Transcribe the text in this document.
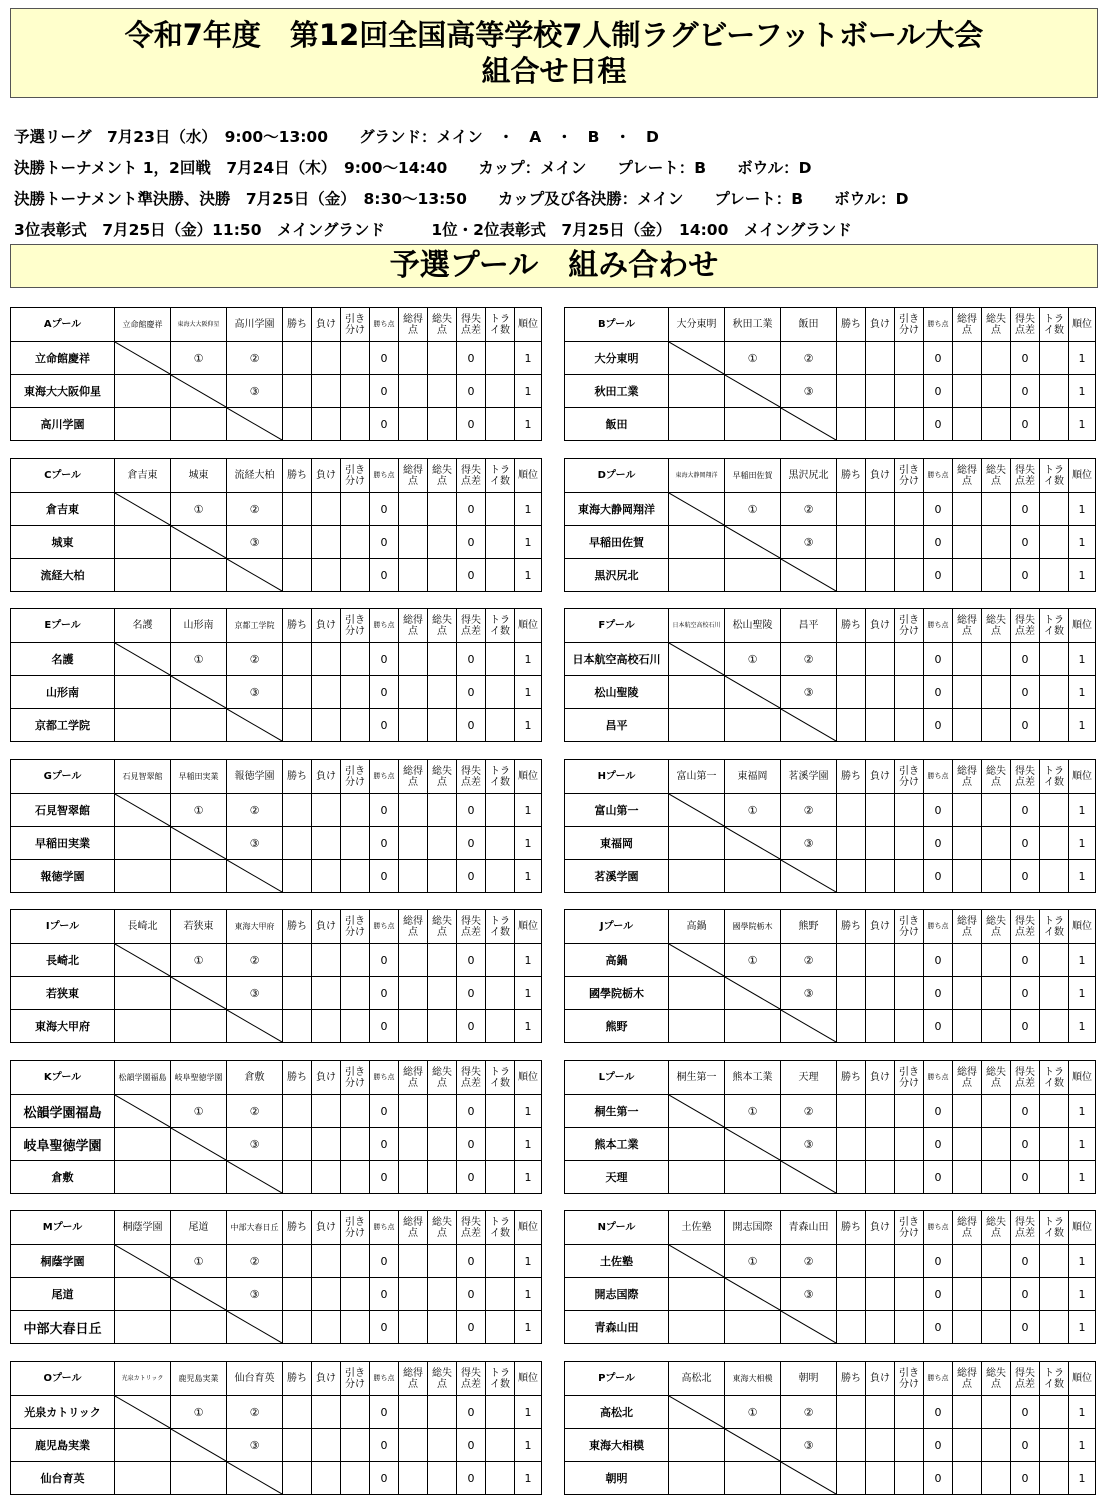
令和7年度　第12回全国高等学校7人制ラグビーフットボール大会
組合せ日程
予選リーグ　7月23日（水）　9:00～13:00　　グランド：メイン　・　A　・　B　・　D
決勝トーナメント 1，2回戦　7月24日（木）　9:00～14:40　　カップ：メイン　　プレート：B　　ボウル：D
決勝トーナメント準決勝、決勝　7月25日（金）　8:30～13:50　　カップ及び各決勝：メイン　　プレート：B　　ボウル：D
3位表彰式　7月25日（金）11:50　メイングランド　　　1位・2位表彰式　7月25日（金）　14:00　メイングランド
予選プール　組み合わせ
Aプール	立命館慶祥	東海大大阪仰星	高川学園	勝ち	負け	引き分け	勝ち点	総得点	総失点	得失点差	トライ数	順位
立命館慶祥		①	②				0			0		1
東海大大阪仰星			③				0			0		1
高川学園							0			0		1
Bプール	大分東明	秋田工業	飯田	勝ち	負け	引き分け	勝ち点	総得点	総失点	得失点差	トライ数	順位
大分東明		①	②				0			0		1
秋田工業			③				0			0		1
飯田							0			0		1
Cプール	倉吉東	城東	流経大柏	勝ち	負け	引き分け	勝ち点	総得点	総失点	得失点差	トライ数	順位
倉吉東		①	②				0			0		1
城東			③				0			0		1
流経大柏							0			0		1
Dプール	東海大静岡翔洋	早稲田佐賀	黒沢尻北	勝ち	負け	引き分け	勝ち点	総得点	総失点	得失点差	トライ数	順位
東海大静岡翔洋		①	②				0			0		1
早稲田佐賀			③				0			0		1
黒沢尻北							0			0		1
Eプール	名護	山形南	京都工学院	勝ち	負け	引き分け	勝ち点	総得点	総失点	得失点差	トライ数	順位
名護		①	②				0			0		1
山形南			③				0			0		1
京都工学院							0			0		1
Fプール	日本航空高校石川	松山聖陵	昌平	勝ち	負け	引き分け	勝ち点	総得点	総失点	得失点差	トライ数	順位
日本航空高校石川		①	②				0			0		1
松山聖陵			③				0			0		1
昌平							0			0		1
Gプール	石見智翠館	早稲田実業	報徳学園	勝ち	負け	引き分け	勝ち点	総得点	総失点	得失点差	トライ数	順位
石見智翠館		①	②				0			0		1
早稲田実業			③				0			0		1
報徳学園							0			0		1
Hプール	富山第一	東福岡	茗溪学園	勝ち	負け	引き分け	勝ち点	総得点	総失点	得失点差	トライ数	順位
富山第一		①	②				0			0		1
東福岡			③				0			0		1
茗溪学園							0			0		1
Iプール	長崎北	若狭東	東海大甲府	勝ち	負け	引き分け	勝ち点	総得点	総失点	得失点差	トライ数	順位
長崎北		①	②				0			0		1
若狭東			③				0			0		1
東海大甲府							0			0		1
Jプール	高鍋	國學院栃木	熊野	勝ち	負け	引き分け	勝ち点	総得点	総失点	得失点差	トライ数	順位
高鍋		①	②				0			0		1
國學院栃木			③				0			0		1
熊野							0			0		1
Kプール	松韻学園福島	岐阜聖徳学園	倉敷	勝ち	負け	引き分け	勝ち点	総得点	総失点	得失点差	トライ数	順位
松韻学園福島		①	②				0			0		1
岐阜聖徳学園			③				0			0		1
倉敷							0			0		1
Lプール	桐生第一	熊本工業	天理	勝ち	負け	引き分け	勝ち点	総得点	総失点	得失点差	トライ数	順位
桐生第一		①	②				0			0		1
熊本工業			③				0			0		1
天理							0			0		1
Mプール	桐蔭学園	尾道	中部大春日丘	勝ち	負け	引き分け	勝ち点	総得点	総失点	得失点差	トライ数	順位
桐蔭学園		①	②				0			0		1
尾道			③				0			0		1
中部大春日丘							0			0		1
Nプール	土佐塾	開志国際	青森山田	勝ち	負け	引き分け	勝ち点	総得点	総失点	得失点差	トライ数	順位
土佐塾		①	②				0			0		1
開志国際			③				0			0		1
青森山田							0			0		1
Oプール	光泉カトリック	鹿児島実業	仙台育英	勝ち	負け	引き分け	勝ち点	総得点	総失点	得失点差	トライ数	順位
光泉カトリック		①	②				0			0		1
鹿児島実業			③				0			0		1
仙台育英							0			0		1
Pプール	高松北	東海大相模	朝明	勝ち	負け	引き分け	勝ち点	総得点	総失点	得失点差	トライ数	順位
高松北		①	②				0			0		1
東海大相模			③				0			0		1
朝明							0			0		1
